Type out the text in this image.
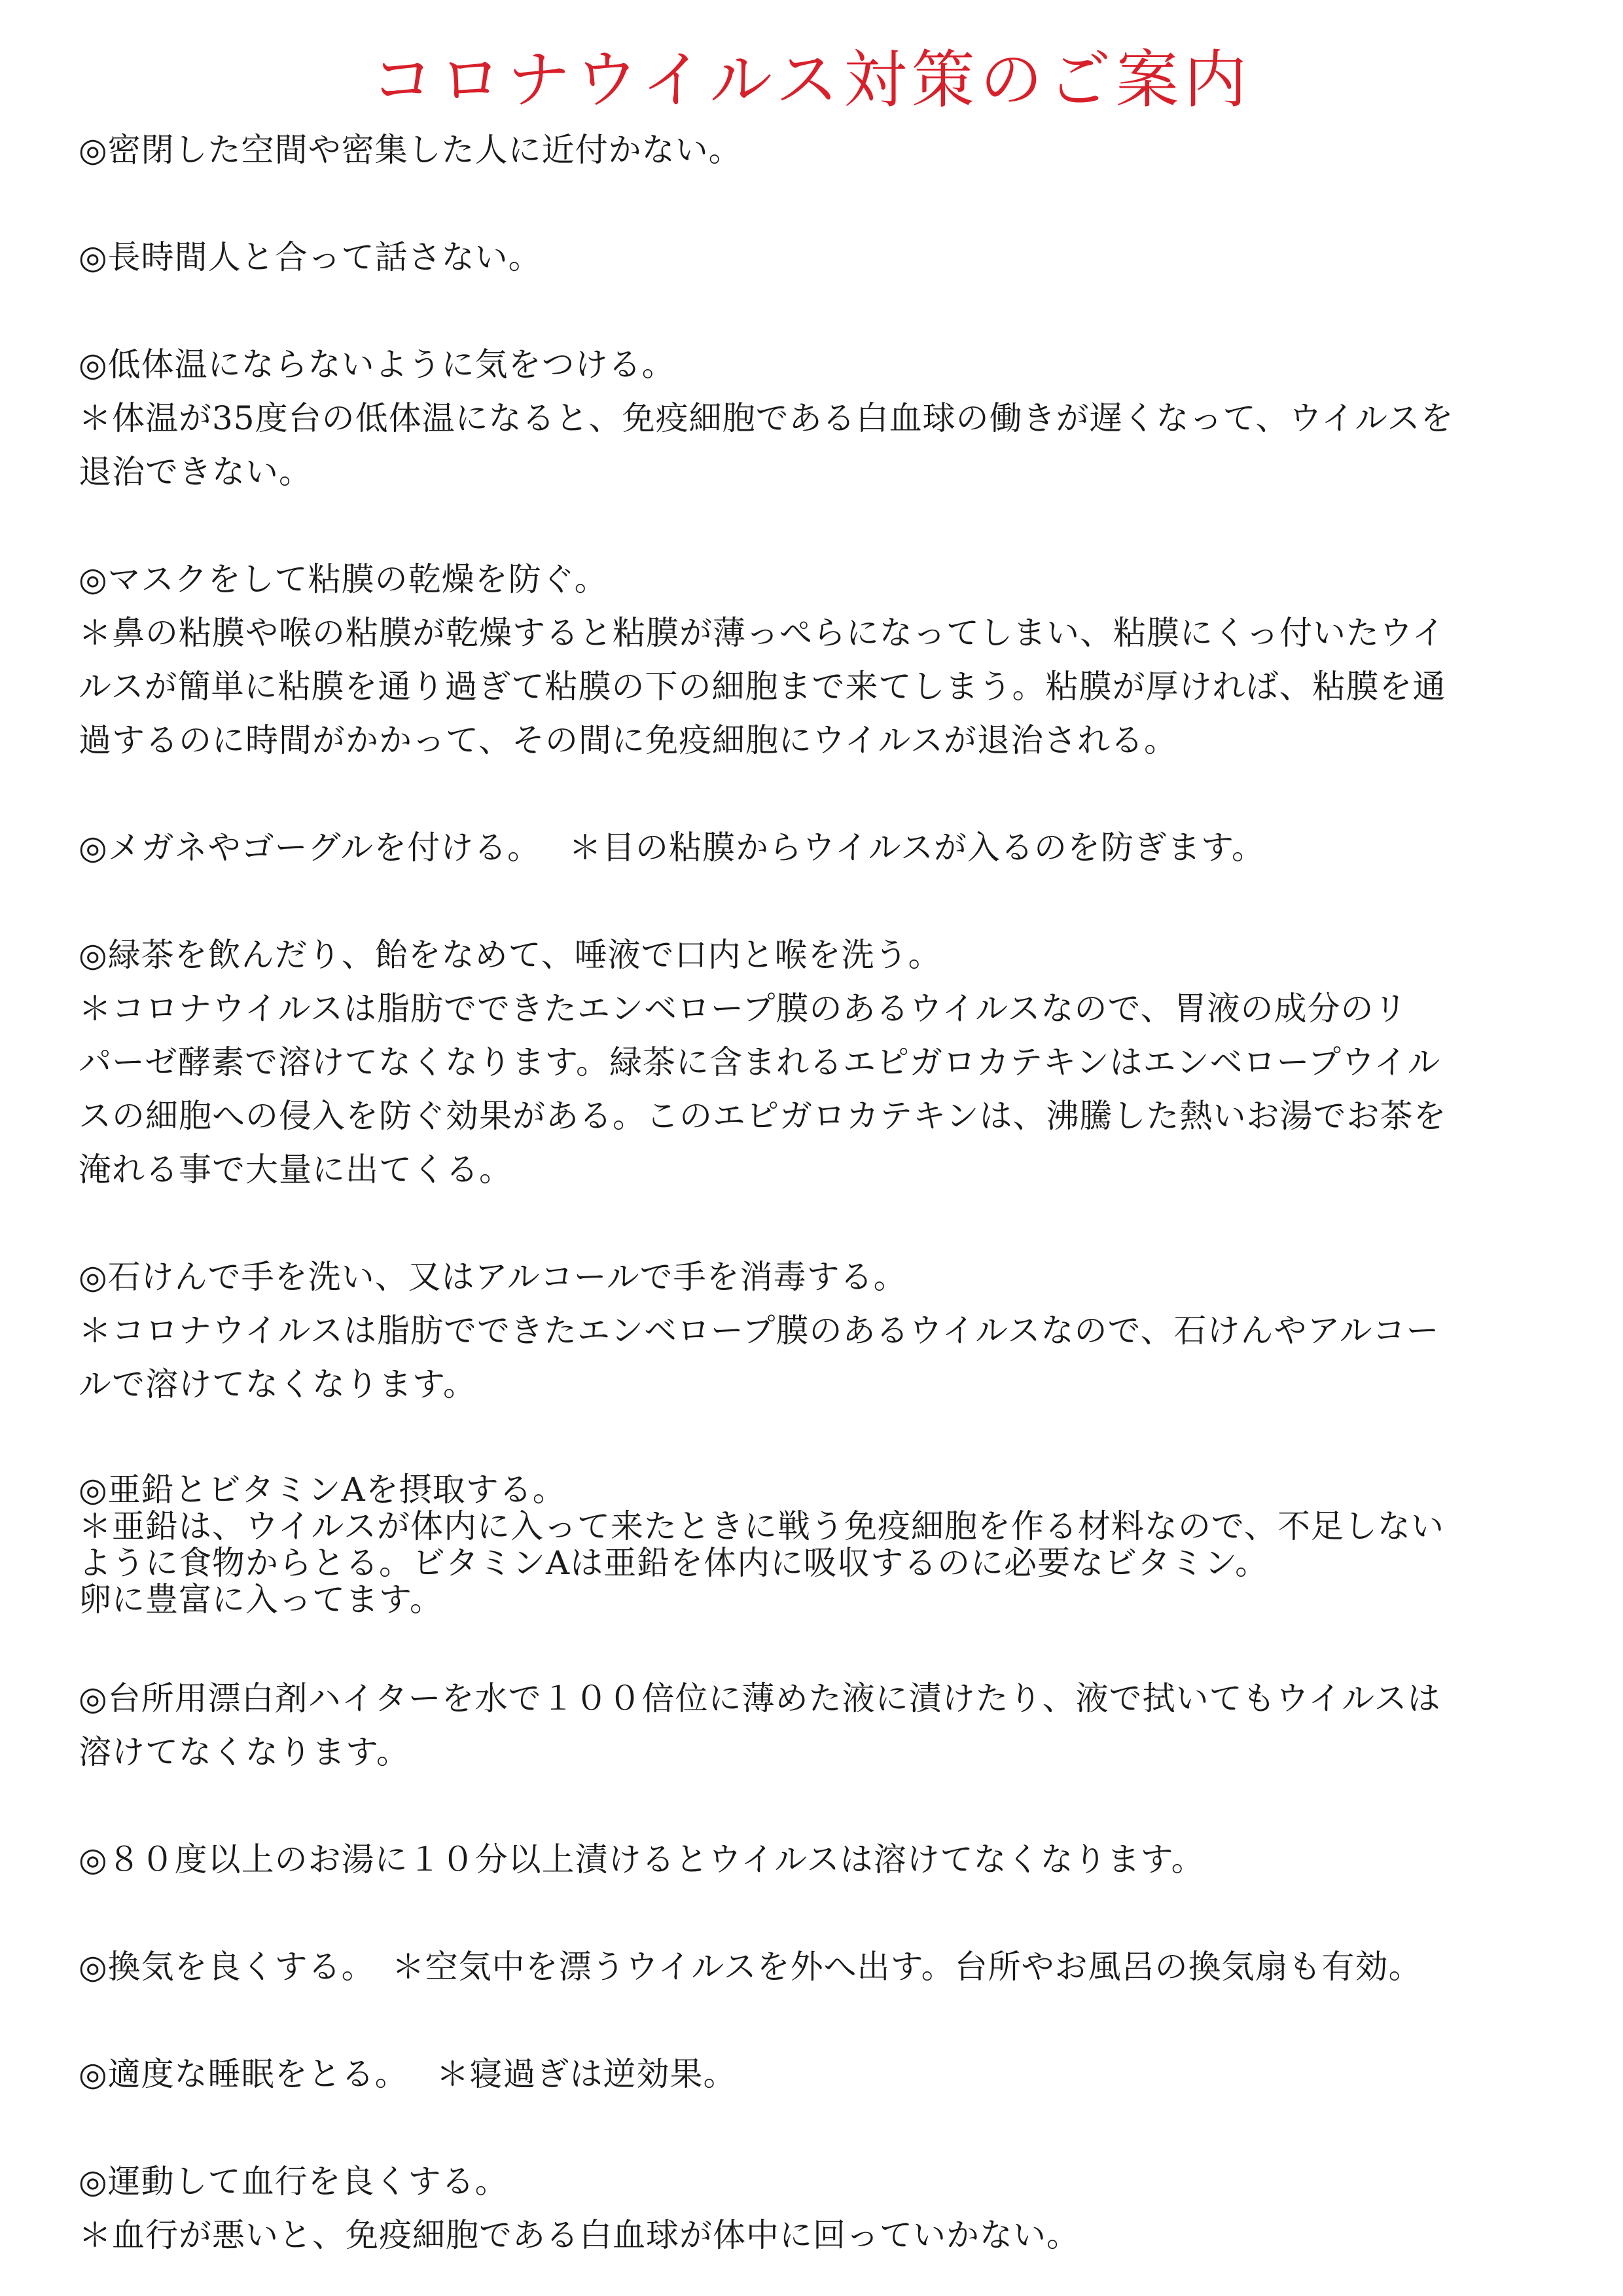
コロナウイルス対策のご案内
◎密閉した空間や密集した人に近付かない。
◎長時間人と合って話さない。
◎低体温にならないように気をつける。
＊体温が35度台の低体温になると、免疫細胞である白血球の働きが遅くなって、ウイルスを
退治できない。
◎マスクをして粘膜の乾燥を防ぐ。
＊鼻の粘膜や喉の粘膜が乾燥すると粘膜が薄っぺらになってしまい、粘膜にくっ付いたウイ
ルスが簡単に粘膜を通り過ぎて粘膜の下の細胞まで来てしまう。粘膜が厚ければ、粘膜を通
過するのに時間がかかって、その間に免疫細胞にウイルスが退治される。
◎メガネやゴーグルを付ける。　 ＊目の粘膜からウイルスが入るのを防ぎます。
◎緑茶を飲んだり、飴をなめて、唾液で口内と喉を洗う。
＊コロナウイルスは脂肪でできたエンベロープ膜のあるウイルスなので、胃液の成分のリ
パーゼ酵素で溶けてなくなります。緑茶に含まれるエピガロカテキンはエンベロープウイル
スの細胞への侵入を防ぐ効果がある。このエピガロカテキンは、沸騰した熱いお湯でお茶を
淹れる事で大量に出てくる。
◎石けんで手を洗い、又はアルコールで手を消毒する。
＊コロナウイルスは脂肪でできたエンベロープ膜のあるウイルスなので、石けんやアルコー
ルで溶けてなくなります。
◎亜鉛とビタミンAを摂取する。
＊亜鉛は、ウイルスが体内に入って来たときに戦う免疫細胞を作る材料なので、不足しない
ように食物からとる。ビタミンAは亜鉛を体内に吸収するのに必要なビタミン。
卵に豊富に入ってます。
◎台所用漂白剤ハイターを水で１００倍位に薄めた液に漬けたり、液で拭いてもウイルスは
溶けてなくなります。
◎８０度以上のお湯に１０分以上漬けるとウイルスは溶けてなくなります。
◎換気を良くする。　＊空気中を漂うウイルスを外へ出す。台所やお風呂の換気扇も有効。
◎適度な睡眠をとる。　 ＊寝過ぎは逆効果。
◎運動して血行を良くする。
＊血行が悪いと、免疫細胞である白血球が体中に回っていかない。
